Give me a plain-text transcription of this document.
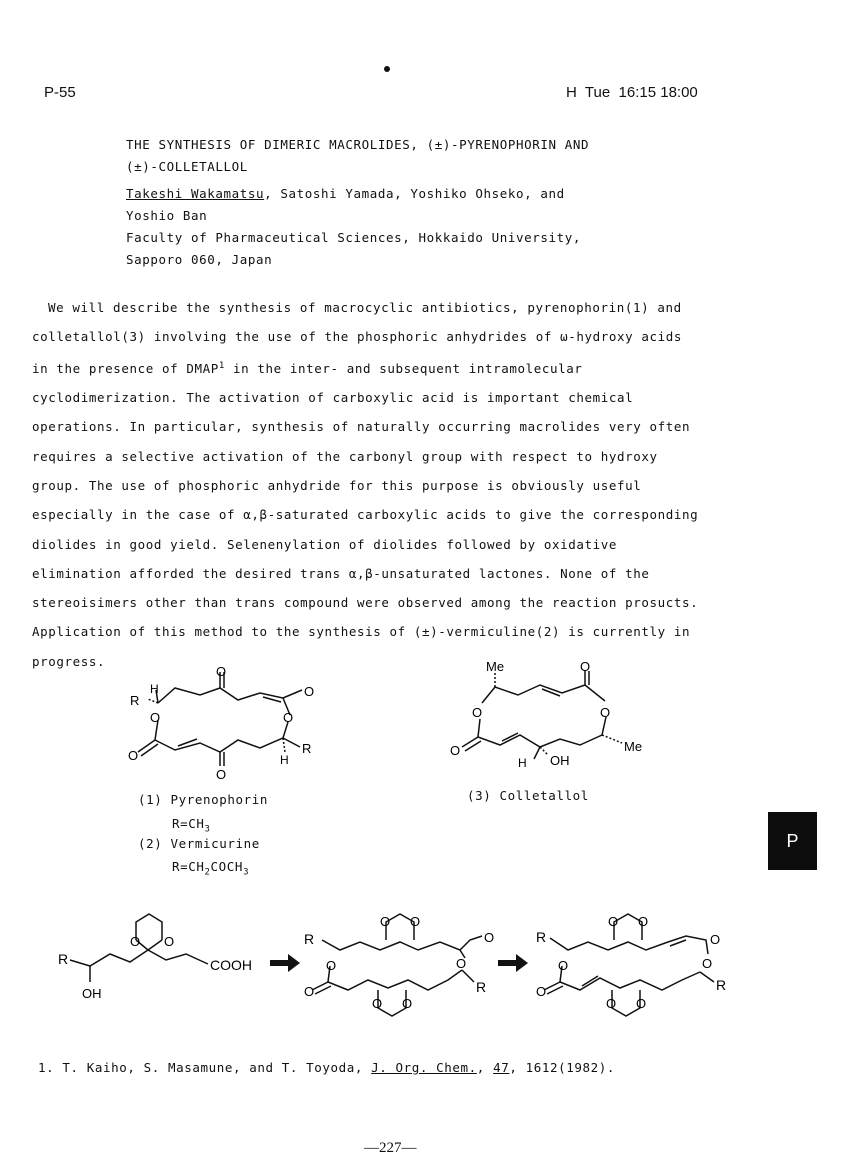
P-55	H  Tue  16:15 18:00
THE SYNTHESIS OF DIMERIC MACROLIDES, (±)-PYRENOPHORIN AND
(±)-COLLETALLOL
Takeshi Wakamatsu, Satoshi Yamada, Yoshiko Ohseko, and
Yoshio Ban
Faculty of Pharmaceutical Sciences, Hokkaido University,
Sapporo 060, Japan
We will describe the synthesis of macrocyclic antibiotics, pyrenophorin(1) and
colletallol(3) involving the use of the phosphoric anhydrides of ω-hydroxy acids
in the presence of DMAP$^1$ in the inter- and subsequent intramolecular
cyclodimerization. The activation of carboxylic acid is important chemical
operations. In particular, synthesis of naturally occurring macrolides very often
requires a selective activation of the carbonyl group with respect to hydroxy
group. The use of phosphoric anhydride for this purpose is obviously useful
especially in the case of α,β-saturated carboxylic acids to give the corresponding
diolides in good yield. Selenenylation of diolides followed by oxidative
elimination afforded the desired trans α,β-unsaturated lactones. None of the
stereoisimers other than trans compound were observed among the reaction prosucts.
Application of this method to the synthesis of (±)-vermiculine(2) is currently in
progress.
R
H
O
O
O
O
O
O
R
H
(1) Pyrenophorin
$R=CH_3$
(2) Vermicurine
$R=CH_2COCH_3$
Me	O
O	O
O
H OH
Me
(3) Colletallol
P
R
OH
O O
COOH
R
O
O
O
O
R
O O
O O
R
O
O
O
O
R
O O
O O
1. T. Kaiho, S. Masamune, and T. Toyoda, J. Org. Chem., 47, 1612(1982).
—227—
